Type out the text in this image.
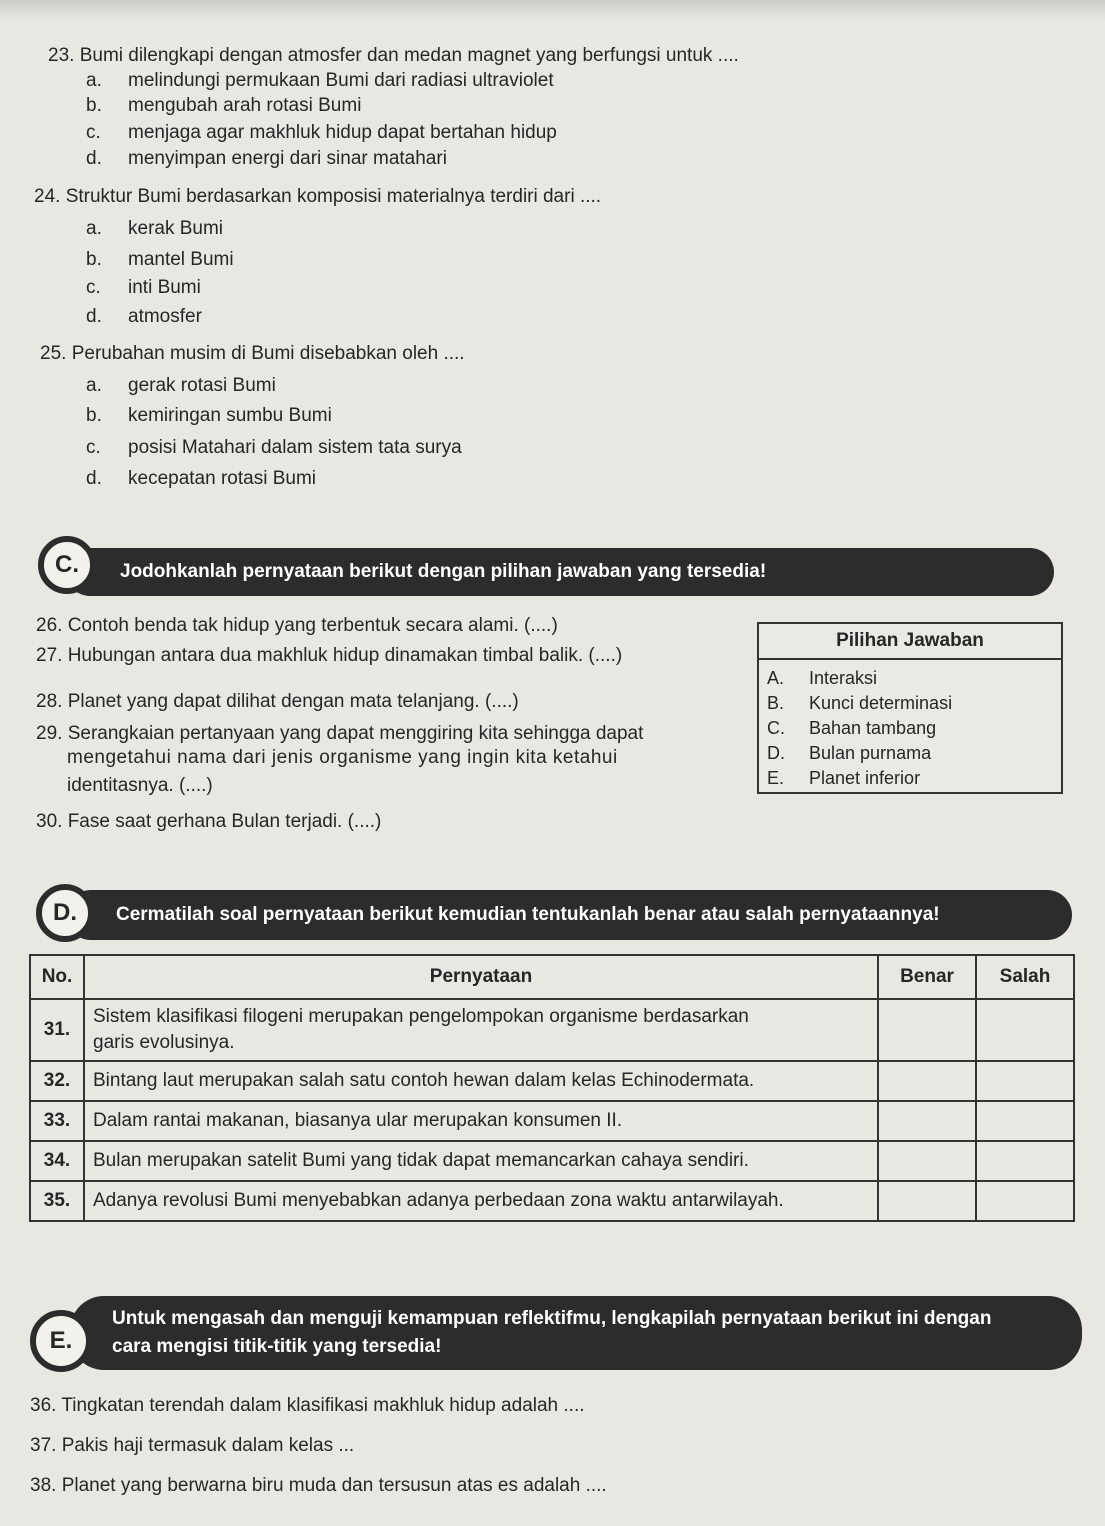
23. Bumi dilengkapi dengan atmosfer dan medan magnet yang berfungsi untuk ....
a. melindungi permukaan Bumi dari radiasi ultraviolet
b. mengubah arah rotasi Bumi
c. menjaga agar makhluk hidup dapat bertahan hidup
d. menyimpan energi dari sinar matahari
24. Struktur Bumi berdasarkan komposisi materialnya terdiri dari ....
a. kerak Bumi
b. mantel Bumi
c. inti Bumi
d. atmosfer
25. Perubahan musim di Bumi disebabkan oleh ....
a. gerak rotasi Bumi
b. kemiringan sumbu Bumi
c. posisi Matahari dalam sistem tata surya
d. kecepatan rotasi Bumi
Jodohkanlah pernyataan berikut dengan pilihan jawaban yang tersedia!
C.
26. Contoh benda tak hidup yang terbentuk secara alami. (....)
27. Hubungan antara dua makhluk hidup dinamakan timbal balik. (....)
28. Planet yang dapat dilihat dengan mata telanjang. (....)
29. Serangkaian pertanyaan yang dapat menggiring kita sehingga dapat
mengetahui nama dari jenis organisme yang ingin kita ketahui
identitasnya. (....)
30. Fase saat gerhana Bulan terjadi. (....)
Pilihan Jawaban
A. Interaksi
B. Kunci determinasi
C. Bahan tambang
D. Bulan purnama
E. Planet inferior
Cermatilah soal pernyataan berikut kemudian tentukanlah benar atau salah pernyataannya!
D.
No.	Pernyataan	Benar	Salah
31.	Sistem klasifikasi filogeni merupakan pengelompokan organisme berdasarkan
garis evolusinya.		

32.	Bintang laut merupakan salah satu contoh hewan dalam kelas Echinodermata.		
33.	Dalam rantai makanan, biasanya ular merupakan konsumen II.		
34.	Bulan merupakan satelit Bumi yang tidak dapat memancarkan cahaya sendiri.		
35.	Adanya revolusi Bumi menyebabkan adanya perbedaan zona waktu antarwilayah.		
Untuk mengasah dan menguji kemampuan reflektifmu, lengkapilah pernyataan berikut ini dengan
cara mengisi titik-titik yang tersedia!
E.
36. Tingkatan terendah dalam klasifikasi makhluk hidup adalah ....
37. Pakis haji termasuk dalam kelas ...
38. Planet yang berwarna biru muda dan tersusun atas es adalah ....
